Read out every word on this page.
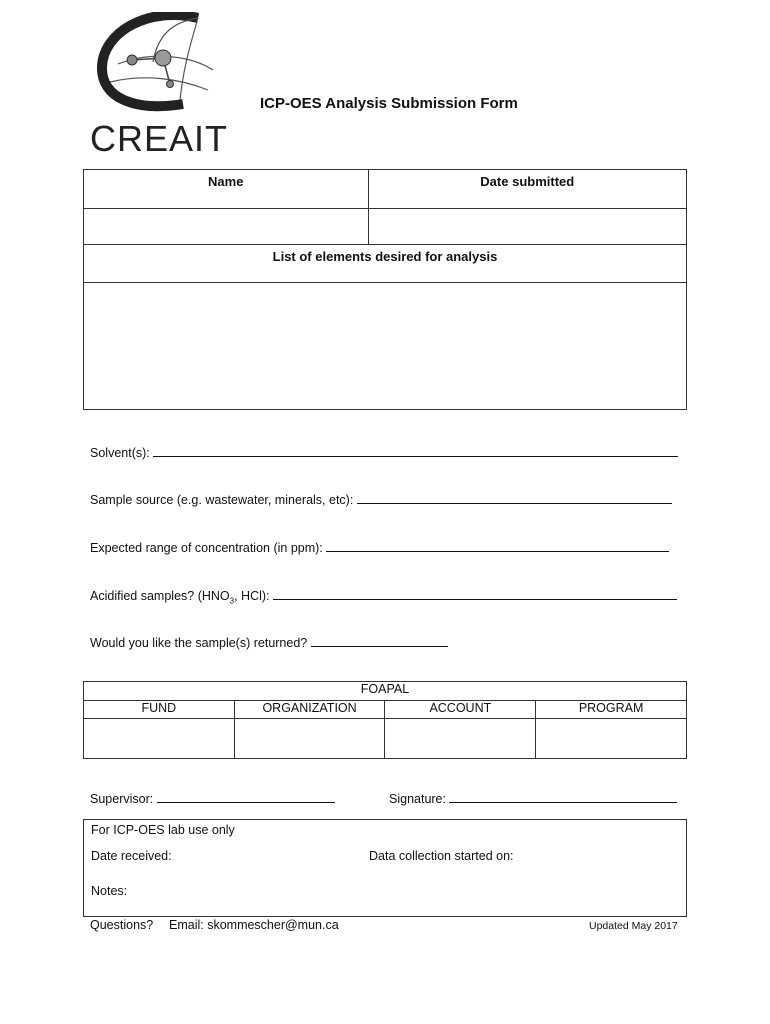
CREAIT
ICP-OES Analysis Submission Form
Name	Date submitted

List of elements desired for analysis	

Solvent(s):
Sample source (e.g. wastewater, minerals, etc):
Expected range of concentration (in ppm):
Acidified samples? ($HNO_3$, HCl):
Would you like the sample(s) returned?
FOAPAL			
FUND	ORGANIZATION	ACCOUNT	PROGRAM

Supervisor:	Signature:
For ICP-OES lab use only
Date received:	Data collection started on:
Notes:
Questions? Email: skommescher@mun.ca	Updated May 2017
